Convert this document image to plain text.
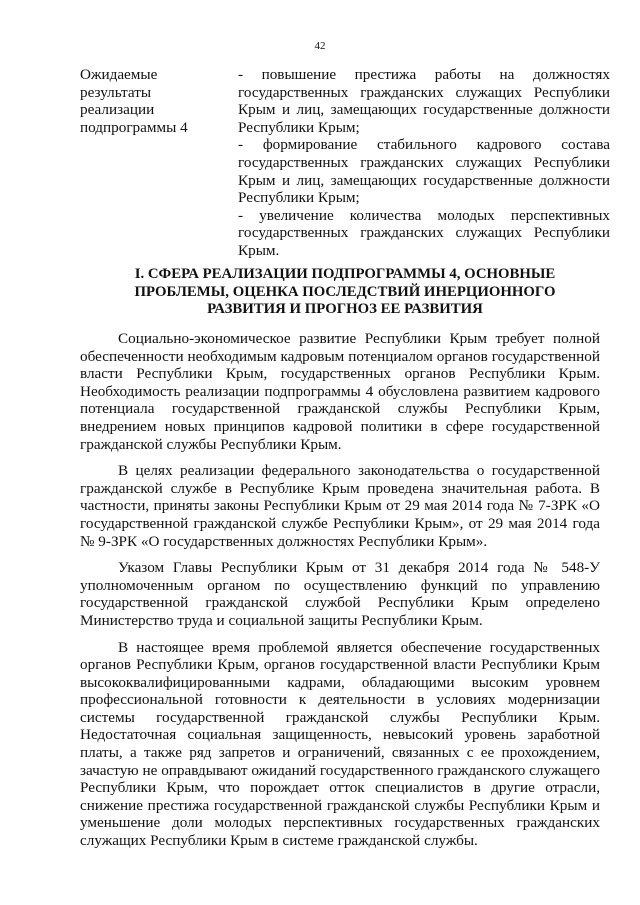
42
Ожидаемые
результаты
реализации
подпрограммы 4

- повышение престижа работы на должностях государственных гражданских служащих Республики Крым и лиц, замещающих государственные должности Республики Крым;

- формирование стабильного кадрового состава государственных гражданских служащих Республики Крым и лиц, замещающих государственные должности Республики Крым;

- увеличение количества молодых перспективных государственных гражданских служащих Республики Крым.

I. СФЕРА РЕАЛИЗАЦИИ ПОДПРОГРАММЫ 4, ОСНОВНЫЕ ПРОБЛЕМЫ, ОЦЕНКА ПОСЛЕДСТВИЙ ИНЕРЦИОННОГО РАЗВИТИЯ И ПРОГНОЗ ЕЕ РАЗВИТИЯ

Социально-экономическое развитие Республики Крым требует полной обеспеченности необходимым кадровым потенциалом органов государственной власти Республики Крым, государственных органов Республики Крым. Необходимость реализации подпрограммы 4 обусловлена развитием кадрового потенциала государственной гражданской службы Республики Крым, внедрением новых принципов кадровой политики в сфере государственной гражданской службы Республики Крым.

В целях реализации федерального законодательства о государственной гражданской службе в Республике Крым проведена значительная работа. В частности, приняты законы Республики Крым от 29 мая 2014 года № 7-ЗРК «О государственной гражданской службе Республики Крым», от 29 мая 2014 года № 9-ЗРК «О государственных должностях Республики Крым».

Указом Главы Республики Крым от 31 декабря 2014 года № 548-У уполномоченным органом по осуществлению функций по управлению государственной гражданской службой Республики Крым определено Министерство труда и социальной защиты Республики Крым.

В настоящее время проблемой является обеспечение государственных органов Республики Крым, органов государственной власти Республики Крым высококвалифицированными кадрами, обладающими высоким уровнем профессиональной готовности к деятельности в условиях модернизации системы государственной гражданской службы Республики Крым. Недостаточная социальная защищенность, невысокий уровень заработной платы, а также ряд запретов и ограничений, связанных с ее прохождением, зачастую не оправдывают ожиданий государственного гражданского служащего Республики Крым, что порождает отток специалистов в другие отрасли, снижение престижа государственной гражданской службы Республики Крым и уменьшение доли молодых перспективных государственных гражданских служащих Республики Крым в системе гражданской службы.
